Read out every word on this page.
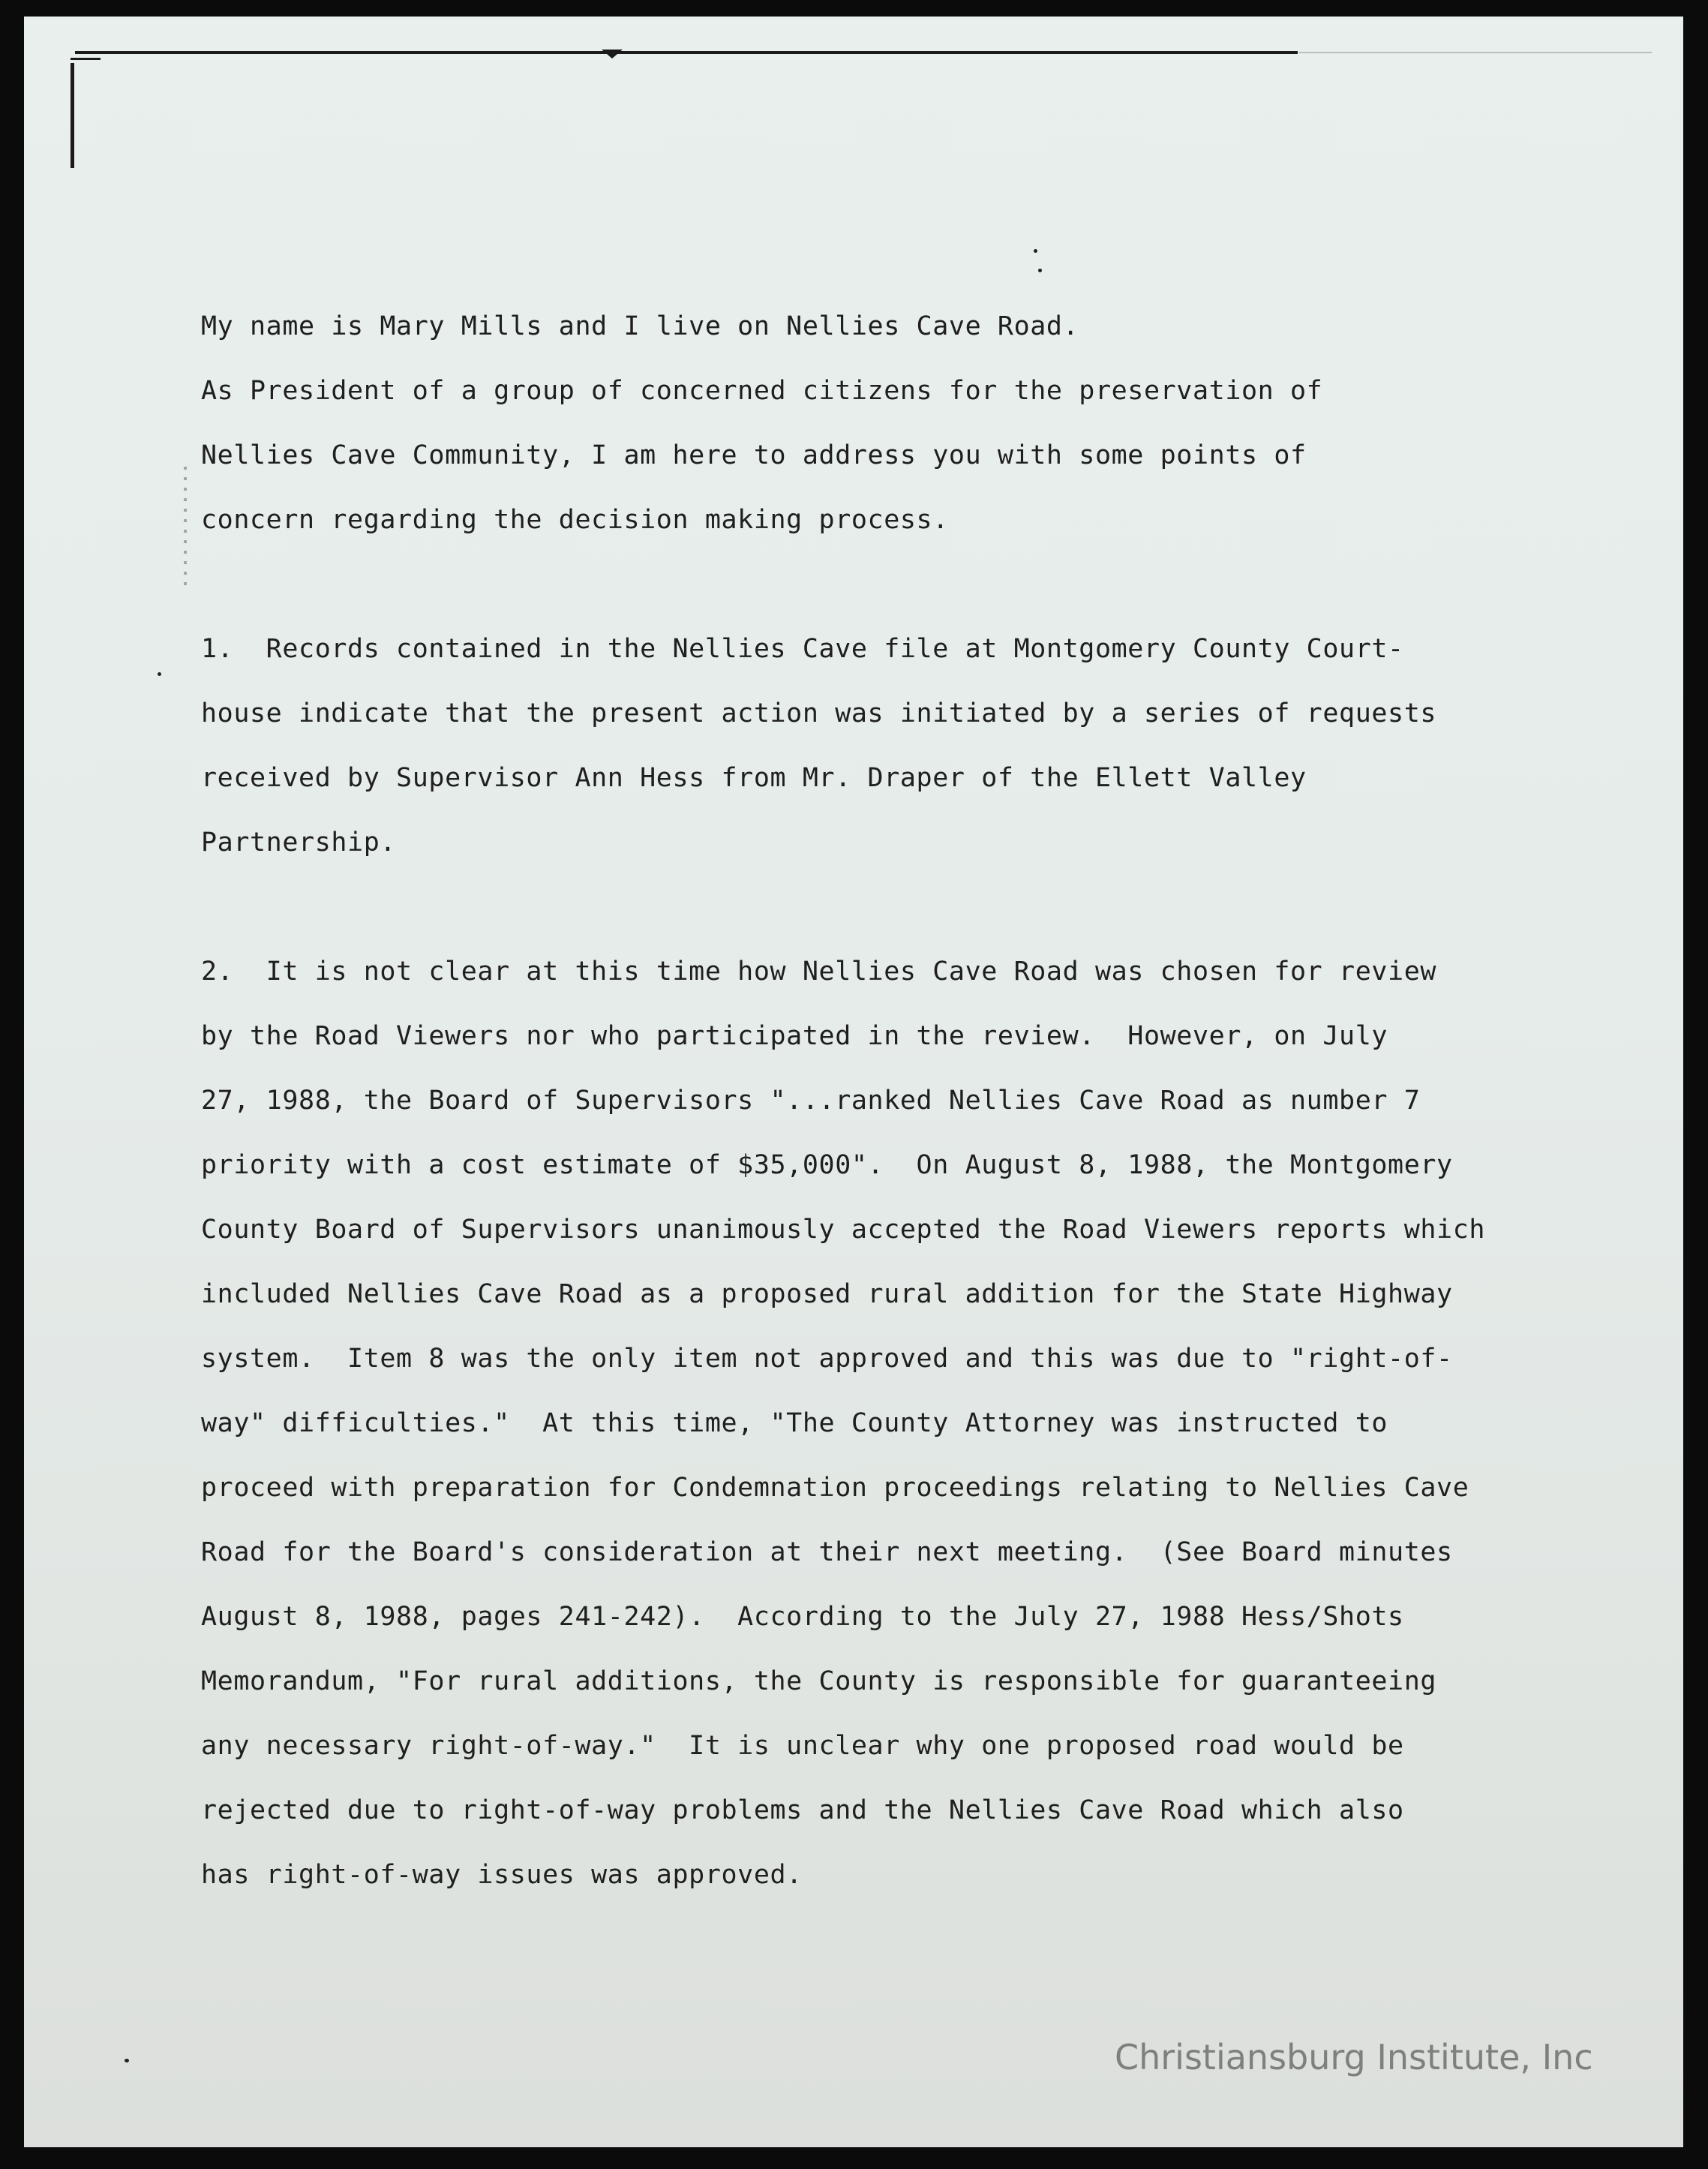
My name is Mary Mills and I live on Nellies Cave Road.
As President of a group of concerned citizens for the preservation of
Nellies Cave Community, I am here to address you with some points of
concern regarding the decision making process.
1.  Records contained in the Nellies Cave file at Montgomery County Court-
house indicate that the present action was initiated by a series of requests
received by Supervisor Ann Hess from Mr. Draper of the Ellett Valley
Partnership.
2.  It is not clear at this time how Nellies Cave Road was chosen for review
by the Road Viewers nor who participated in the review.  However, on July
27, 1988, the Board of Supervisors "...ranked Nellies Cave Road as number 7
priority with a cost estimate of $35,000".  On August 8, 1988, the Montgomery
County Board of Supervisors unanimously accepted the Road Viewers reports which
included Nellies Cave Road as a proposed rural addition for the State Highway
system.  Item 8 was the only item not approved and this was due to "right-of-
way" difficulties."  At this time, "The County Attorney was instructed to
proceed with preparation for Condemnation proceedings relating to Nellies Cave
Road for the Board's consideration at their next meeting.  (See Board minutes
August 8, 1988, pages 241-242).  According to the July 27, 1988 Hess/Shots
Memorandum, "For rural additions, the County is responsible for guaranteeing
any necessary right-of-way."  It is unclear why one proposed road would be
rejected due to right-of-way problems and the Nellies Cave Road which also
has right-of-way issues was approved.
Christiansburg Institute, Inc
